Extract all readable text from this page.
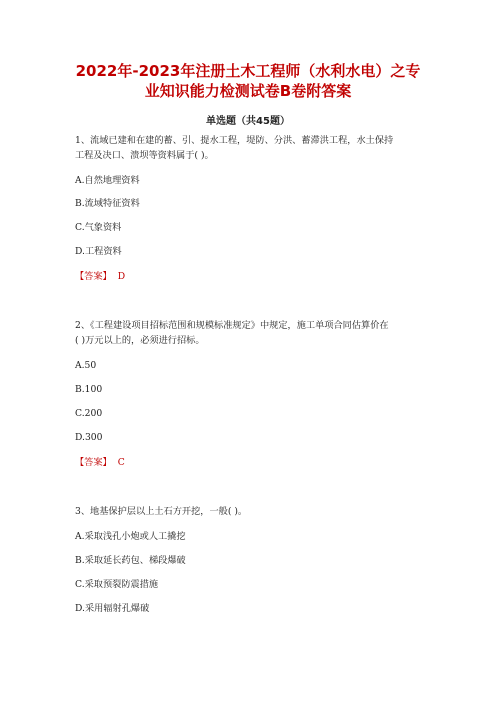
2022年-2023年注册土木工程师（水利水电）之专
业知识能力检测试卷B卷附答案
单选题（共45题）
1、流域已建和在建的蓄、引、提水工程，堤防、分洪、蓄滞洪工程，水土保持
工程及决口、溃坝等资料属于( )。
A.自然地理资料
B.流域特征资料
C.气象资料
D.工程资料
【答案】 D
2、《工程建设项目招标范围和规模标准规定》中规定，施工单项合同估算价在
( )万元以上的，必须进行招标。
A.50
B.100
C.200
D.300
【答案】 C
3、地基保护层以上土石方开挖，一般( )。
A.采取浅孔小炮或人工撬挖
B.采取延长药包、梯段爆破
C.采取预裂防震措施
D.采用辐射孔爆破
